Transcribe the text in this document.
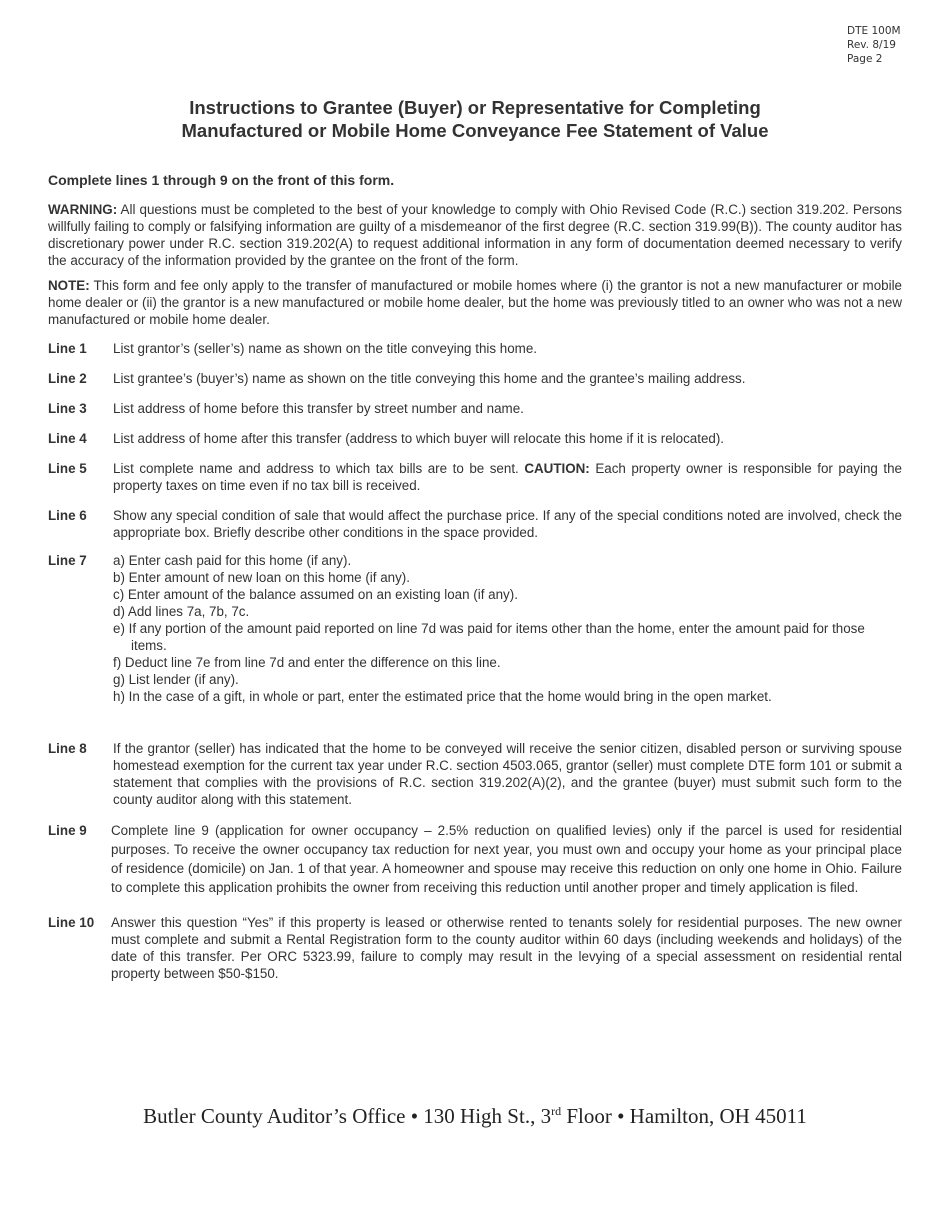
DTE 100M
Rev. 8/19
Page 2
Instructions to Grantee (Buyer) or Representative for Completing
Manufactured or Mobile Home Conveyance Fee Statement of Value
Complete lines 1 through 9 on the front of this form.

WARNING: All questions must be completed to the best of your knowledge to comply with Ohio Revised Code (R.C.) section 319.202. Persons willfully failing to comply or falsifying information are guilty of a misdemeanor of the first degree (R.C. section 319.99(B)). The county auditor has discretionary power under R.C. section 319.202(A) to request additional information in any form of documentation deemed necessary to verify the accuracy of the information provided by the grantee on the front of the form.

NOTE: This form and fee only apply to the transfer of manufactured or mobile homes where (i) the grantor is not a new manufacturer or mobile home dealer or (ii) the grantor is a new manufactured or mobile home dealer, but the home was previously titled to an owner who was not a new manufactured or mobile home dealer.

Line 1	List grantor’s (seller’s) name as shown on the title conveying this home.
Line 2	List grantee’s (buyer’s) name as shown on the title conveying this home and the grantee’s mailing address.
Line 3	List address of home before this transfer by street number and name.
Line 4	List address of home after this transfer (address to which buyer will relocate this home if it is relocated).
Line 5	List complete name and address to which tax bills are to be sent. CAUTION: Each property owner is responsible for paying the property taxes on time even if no tax bill is received.
Line 6	Show any special condition of sale that would affect the purchase price. If any of the special conditions noted are involved, check the appropriate box. Briefly describe other conditions in the space provided.
Line 7	a) Enter cash paid for this home (if any).
b) Enter amount of new loan on this home (if any).
c) Enter amount of the balance assumed on an existing loan (if any).
d) Add lines 7a, 7b, 7c.
e) If any portion of the amount paid reported on line 7d was paid for items other than the home, enter the amount paid for those items.
f) Deduct line 7e from line 7d and enter the difference on this line.
g) List lender (if any).
h) In the case of a gift, in whole or part, enter the estimated price that the home would bring in the open market.
Line 8	If the grantor (seller) has indicated that the home to be conveyed will receive the senior citizen, disabled person or surviving spouse homestead exemption for the current tax year under R.C. section 4503.065, grantor (seller) must complete DTE form 101 or submit a statement that complies with the provisions of R.C. section 319.202(A)(2), and the grantee (buyer) must submit such form to the county auditor along with this statement.
Line 9	Complete line 9 (application for owner occupancy – 2.5% reduction on qualified levies) only if the parcel is used for residential purposes. To receive the owner occupancy tax reduction for next year, you must own and occupy your home as your principal place of residence (domicile) on Jan. 1 of that year. A homeowner and spouse may receive this reduction on only one home in Ohio. Failure to complete this application prohibits the owner from receiving this reduction until another proper and timely application is filed.
Line 10	Answer this question “Yes” if this property is leased or otherwise rented to tenants solely for residential purposes. The new owner must complete and submit a Rental Registration form to the county auditor within 60 days (including weekends and holidays) of the date of this transfer. Per ORC 5323.99, failure to comply may result in the levying of a special assessment on residential rental property between $50-$150.
Butler County Auditor’s Office • 130 High St., 3rd Floor • Hamilton, OH 45011
